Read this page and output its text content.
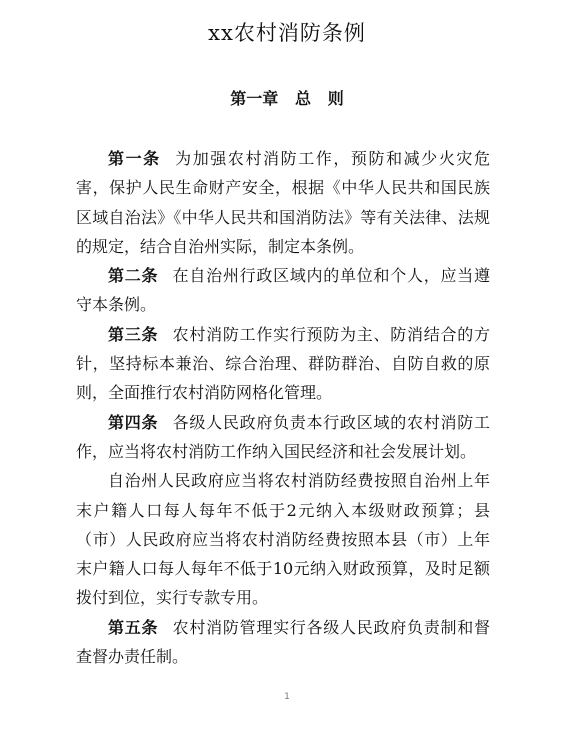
xx农村消防条例
第一章   总   则

第一条 为加强农村消防工作，预防和减少火灾危害，保护人民生命财产安全，根据《中华人民共和国民族区域自治法》《中华人民共和国消防法》等有关法律、法规的规定，结合自治州实际，制定本条例。

第二条 在自治州行政区域内的单位和个人，应当遵守本条例。

第三条 农村消防工作实行预防为主、防消结合的方针，坚持标本兼治、综合治理、群防群治、自防自救的原则，全面推行农村消防网格化管理。

第四条 各级人民政府负责本行政区域的农村消防工作，应当将农村消防工作纳入国民经济和社会发展计划。

自治州人民政府应当将农村消防经费按照自治州上年末户籍人口每人每年不低于2元纳入本级财政预算；县（市）人民政府应当将农村消防经费按照本县（市）上年末户籍人口每人每年不低于10元纳入财政预算，及时足额拨付到位，实行专款专用。

第五条 农村消防管理实行各级人民政府负责制和督查督办责任制。

1
